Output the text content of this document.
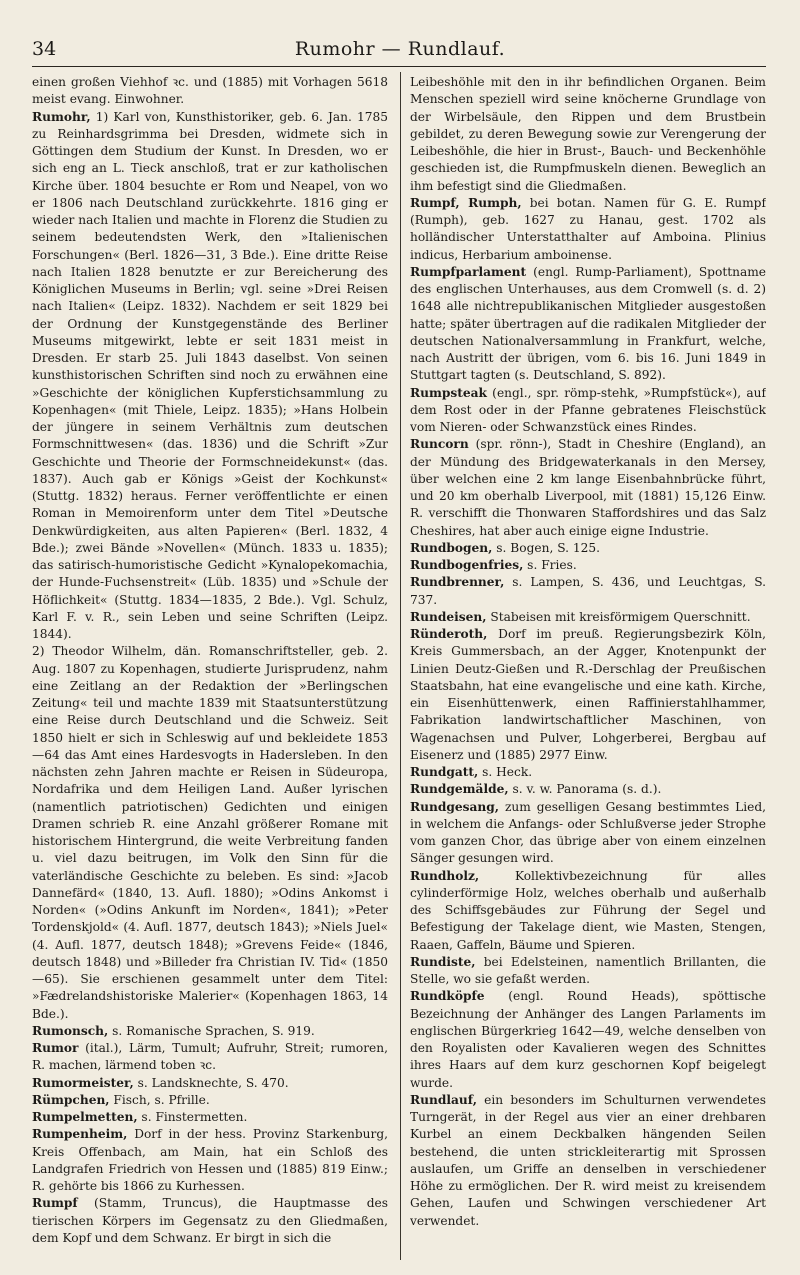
34	Rumohr — Rundlauf.

einen großen Viehhof ꝛc. und (1885) mit Vorhagen 5618 meist evang. Einwohner.

Rumohr, 1) Karl von, Kunsthistoriker, geb. 6. Jan. 1785 zu Reinhardsgrimma bei Dresden, widmete sich in Göttingen dem Studium der Kunst. In Dresden, wo er sich eng an L. Tieck anschloß, trat er zur katholischen Kirche über. 1804 besuchte er Rom und Neapel, von wo er 1806 nach Deutschland zurückkehrte. 1816 ging er wieder nach Italien und machte in Florenz die Studien zu seinem bedeutendsten Werk, den »Italienischen Forschungen« (Berl. 1826—31, 3 Bde.). Eine dritte Reise nach Italien 1828 benutzte er zur Bereicherung des Königlichen Museums in Berlin; vgl. seine »Drei Reisen nach Italien« (Leipz. 1832). Nachdem er seit 1829 bei der Ordnung der Kunstgegenstände des Berliner Museums mitgewirkt, lebte er seit 1831 meist in Dresden. Er starb 25. Juli 1843 daselbst. Von seinen kunsthistorischen Schriften sind noch zu erwähnen eine »Geschichte der königlichen Kupferstichsammlung zu Kopenhagen« (mit Thiele, Leipz. 1835); »Hans Holbein der jüngere in seinem Verhältnis zum deutschen Formschnittwesen« (das. 1836) und die Schrift »Zur Geschichte und Theorie der Formschneidekunst« (das. 1837). Auch gab er Königs »Geist der Kochkunst« (Stuttg. 1832) heraus. Ferner veröffentlichte er einen Roman in Memoirenform unter dem Titel »Deutsche Denkwürdigkeiten, aus alten Papieren« (Berl. 1832, 4 Bde.); zwei Bände »Novellen« (Münch. 1833 u. 1835); das satirisch-humoristische Gedicht »Kynalopekomachia, der Hunde-Fuchsenstreit« (Lüb. 1835) und »Schule der Höflichkeit« (Stuttg. 1834—1835, 2 Bde.). Vgl. Schulz, Karl F. v. R., sein Leben und seine Schriften (Leipz. 1844).

2) Theodor Wilhelm, dän. Romanschriftsteller, geb. 2. Aug. 1807 zu Kopenhagen, studierte Jurisprudenz, nahm eine Zeitlang an der Redaktion der »Berlingschen Zeitung« teil und machte 1839 mit Staatsunterstützung eine Reise durch Deutschland und die Schweiz. Seit 1850 hielt er sich in Schleswig auf und bekleidete 1853—64 das Amt eines Hardesvogts in Hadersleben. In den nächsten zehn Jahren machte er Reisen in Südeuropa, Nordafrika und dem Heiligen Land. Außer lyrischen (namentlich patriotischen) Gedichten und einigen Dramen schrieb R. eine Anzahl größerer Romane mit historischem Hintergrund, die weite Verbreitung fanden u. viel dazu beitrugen, im Volk den Sinn für die vaterländische Geschichte zu beleben. Es sind: »Jacob Dannefärd« (1840, 13. Aufl. 1880); »Odins Ankomst i Norden« (»Odins Ankunft im Norden«, 1841); »Peter Tordenskjold« (4. Aufl. 1877, deutsch 1843); »Niels Juel« (4. Aufl. 1877, deutsch 1848); »Grevens Feide« (1846, deutsch 1848) und »Billeder fra Christian IV. Tid« (1850—65). Sie erschienen gesammelt unter dem Titel: »Fædrelandshistoriske Malerier« (Kopenhagen 1863, 14 Bde.).

Rumonsch, s. Romanische Sprachen, S. 919.

Rumor (ital.), Lärm, Tumult; Aufruhr, Streit; rumoren, R. machen, lärmend toben ꝛc.

Rumormeister, s. Landsknechte, S. 470.

Rümpchen, Fisch, s. Pfrille.

Rumpelmetten, s. Finstermetten.

Rumpenheim, Dorf in der hess. Provinz Starkenburg, Kreis Offenbach, am Main, hat ein Schloß des Landgrafen Friedrich von Hessen und (1885) 819 Einw.; R. gehörte bis 1866 zu Kurhessen.

Rumpf (Stamm, Truncus), die Hauptmasse des tierischen Körpers im Gegensatz zu den Gliedmaßen, dem Kopf und dem Schwanz. Er birgt in sich die

Leibeshöhle mit den in ihr befindlichen Organen. Beim Menschen speziell wird seine knöcherne Grundlage von der Wirbelsäule, den Rippen und dem Brustbein gebildet, zu deren Bewegung sowie zur Verengerung der Leibeshöhle, die hier in Brust-, Bauch- und Beckenhöhle geschieden ist, die Rumpfmuskeln dienen. Beweglich an ihm befestigt sind die Gliedmaßen.

Rumpf, Rumph, bei botan. Namen für G. E. Rumpf (Rumph), geb. 1627 zu Hanau, gest. 1702 als holländischer Unterstatthalter auf Amboina. Plinius indicus, Herbarium amboinense.

Rumpfparlament (engl. Rump-Parliament), Spottname des englischen Unterhauses, aus dem Cromwell (s. d. 2) 1648 alle nichtrepublikanischen Mitglieder ausgestoßen hatte; später übertragen auf die radikalen Mitglieder der deutschen Nationalversammlung in Frankfurt, welche, nach Austritt der übrigen, vom 6. bis 16. Juni 1849 in Stuttgart tagten (s. Deutschland, S. 892).

Rumpsteak (engl., spr. römp-stehk, »Rumpfstück«), auf dem Rost oder in der Pfanne gebratenes Fleischstück vom Nieren- oder Schwanzstück eines Rindes.

Runcorn (spr. rönn-), Stadt in Cheshire (England), an der Mündung des Bridgewaterkanals in den Mersey, über welchen eine 2 km lange Eisenbahnbrücke führt, und 20 km oberhalb Liverpool, mit (1881) 15,126 Einw. R. verschifft die Thonwaren Staffordshires und das Salz Cheshires, hat aber auch einige eigne Industrie.

Rundbogen, s. Bogen, S. 125.

Rundbogenfries, s. Fries.

Rundbrenner, s. Lampen, S. 436, und Leuchtgas, S. 737.

Rundeisen, Stabeisen mit kreisförmigem Querschnitt.

Ründeroth, Dorf im preuß. Regierungsbezirk Köln, Kreis Gummersbach, an der Agger, Knotenpunkt der Linien Deutz-Gießen und R.-Derschlag der Preußischen Staatsbahn, hat eine evangelische und eine kath. Kirche, ein Eisenhüttenwerk, einen Raffinierstahlhammer, Fabrikation landwirtschaftlicher Maschinen, von Wagenachsen und Pulver, Lohgerberei, Bergbau auf Eisenerz und (1885) 2977 Einw.

Rundgatt, s. Heck.

Rundgemälde, s. v. w. Panorama (s. d.).

Rundgesang, zum geselligen Gesang bestimmtes Lied, in welchem die Anfangs- oder Schlußverse jeder Strophe vom ganzen Chor, das übrige aber von einem einzelnen Sänger gesungen wird.

Rundholz, Kollektivbezeichnung für alles cylinderförmige Holz, welches oberhalb und außerhalb des Schiffsgebäudes zur Führung der Segel und Befestigung der Takelage dient, wie Masten, Stengen, Raaen, Gaffeln, Bäume und Spieren.

Rundiste, bei Edelsteinen, namentlich Brillanten, die Stelle, wo sie gefaßt werden.

Rundköpfe (engl. Round Heads), spöttische Bezeichnung der Anhänger des Langen Parlaments im englischen Bürgerkrieg 1642—49, welche denselben von den Royalisten oder Kavalieren wegen des Schnittes ihres Haars auf dem kurz geschornen Kopf beigelegt wurde.

Rundlauf, ein besonders im Schulturnen verwendetes Turngerät, in der Regel aus vier an einer drehbaren Kurbel an einem Deckbalken hängenden Seilen bestehend, die unten strickleiterartig mit Sprossen auslaufen, um Griffe an denselben in verschiedener Höhe zu ermöglichen. Der R. wird meist zu kreisendem Gehen, Laufen und Schwingen verschiedener Art verwendet.
